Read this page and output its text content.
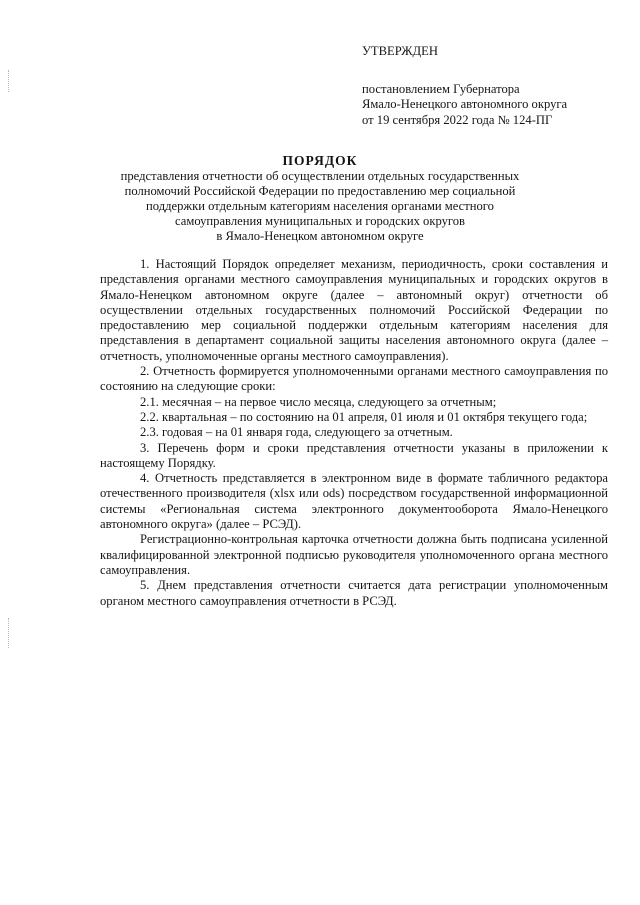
УТВЕРЖДЕН
постановлением Губернатора
Ямало-Ненецкого автономного округа
от 19 сентября 2022 года № 124-ПГ
ПОРЯДОК
представления отчетности об осуществлении отдельных государственных
полномочий Российской Федерации по предоставлению мер социальной
поддержки отдельным категориям населения органами местного
самоуправления муниципальных и городских округов
в Ямало-Ненецком автономном округе

1. Настоящий Порядок определяет механизм, периодичность, сроки составления и представления органами местного самоуправления муниципальных и городских округов в Ямало-Ненецком автономном округе (далее – автономный округ) отчетности об осуществлении отдельных государственных полномочий Российской Федерации по предоставлению мер социальной поддержки отдельным категориям населения для представления в департамент социальной защиты населения автономного округа (далее – отчетность, уполномоченные органы местного самоуправления).

2. Отчетность формируется уполномоченными органами местного самоуправления по состоянию на следующие сроки:

2.1. месячная – на первое число месяца, следующего за отчетным;

2.2. квартальная – по состоянию на 01 апреля, 01 июля и 01 октября текущего года;

2.3. годовая – на 01 января года, следующего за отчетным.

3. Перечень форм и сроки представления отчетности указаны в приложении к настоящему Порядку.

4. Отчетность представляется в электронном виде в формате табличного редактора отечественного производителя (xlsx или ods) посредством государственной информационной системы «Региональная система электронного документооборота Ямало-Ненецкого автономного округа» (далее – РСЭД).

Регистрационно-контрольная карточка отчетности должна быть подписана усиленной квалифицированной электронной подписью руководителя уполномоченного органа местного самоуправления.

5. Днем представления отчетности считается дата регистрации уполномоченным органом местного самоуправления отчетности в РСЭД.
